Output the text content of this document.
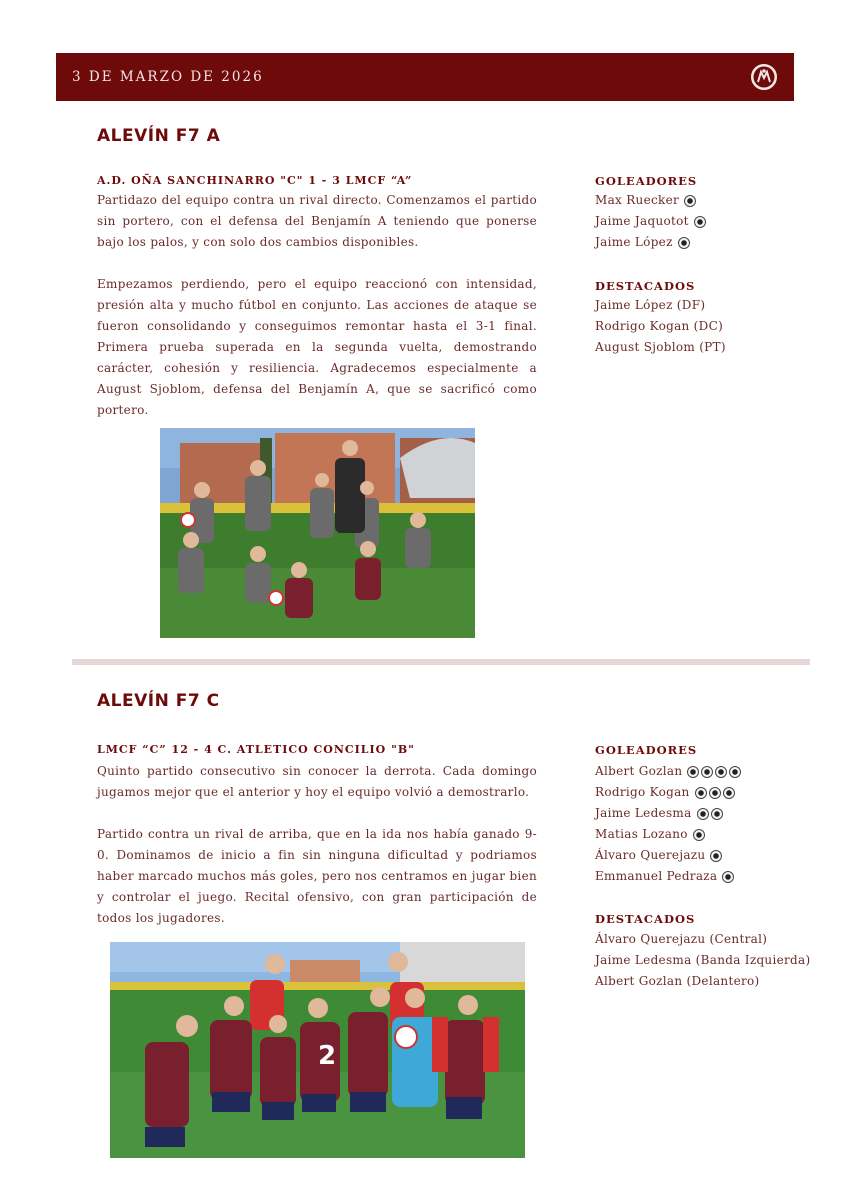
3 DE MARZO DE 2026
ALEVÍN F7 A
A.D. OÑA SANCHINARRO "C" 1 - 3 LMCF “A”

Partidazo del equipo contra un rival directo. Comenzamos el partido sin portero, con el defensa del Benjamín A teniendo que ponerse bajo los palos, y con solo dos cambios disponibles.

Empezamos perdiendo, pero el equipo reaccionó con intensidad, presión alta y mucho fútbol en conjunto. Las acciones de ataque se fueron consolidando y conseguimos remontar hasta el 3-1 final. Primera prueba superada en la segunda vuelta, demostrando carácter, cohesión y resiliencia. Agradecemos especialmente a August Sjoblom, defensa del Benjamín A, que se sacrificó como portero.

GOLEADORES
Max Ruecker
Jaime Jaquotot
Jaime López
DESTACADOS
Jaime López (DF)
Rodrigo Kogan (DC)
August Sjoblom (PT)
ALEVÍN F7 C
LMCF “C” 12 - 4 C. ATLETICO CONCILIO "B"

Quinto partido consecutivo sin conocer la derrota. Cada domingo jugamos mejor que el anterior y hoy el equipo volvió a demostrarlo.

Partido contra un rival de arriba, que en la ida nos había ganado 9-0. Dominamos de inicio a fin sin ninguna dificultad y podriamos haber marcado muchos más goles, pero nos centramos en jugar bien y controlar el juego. Recital ofensivo, con gran participación de todos los jugadores.

GOLEADORES
Albert Gozlan
Rodrigo Kogan
Jaime Ledesma
Matias Lozano
Álvaro Querejazu
Emmanuel Pedraza
DESTACADOS
Álvaro Querejazu (Central)
Jaime Ledesma (Banda Izquierda)
Albert Gozlan (Delantero)
2
